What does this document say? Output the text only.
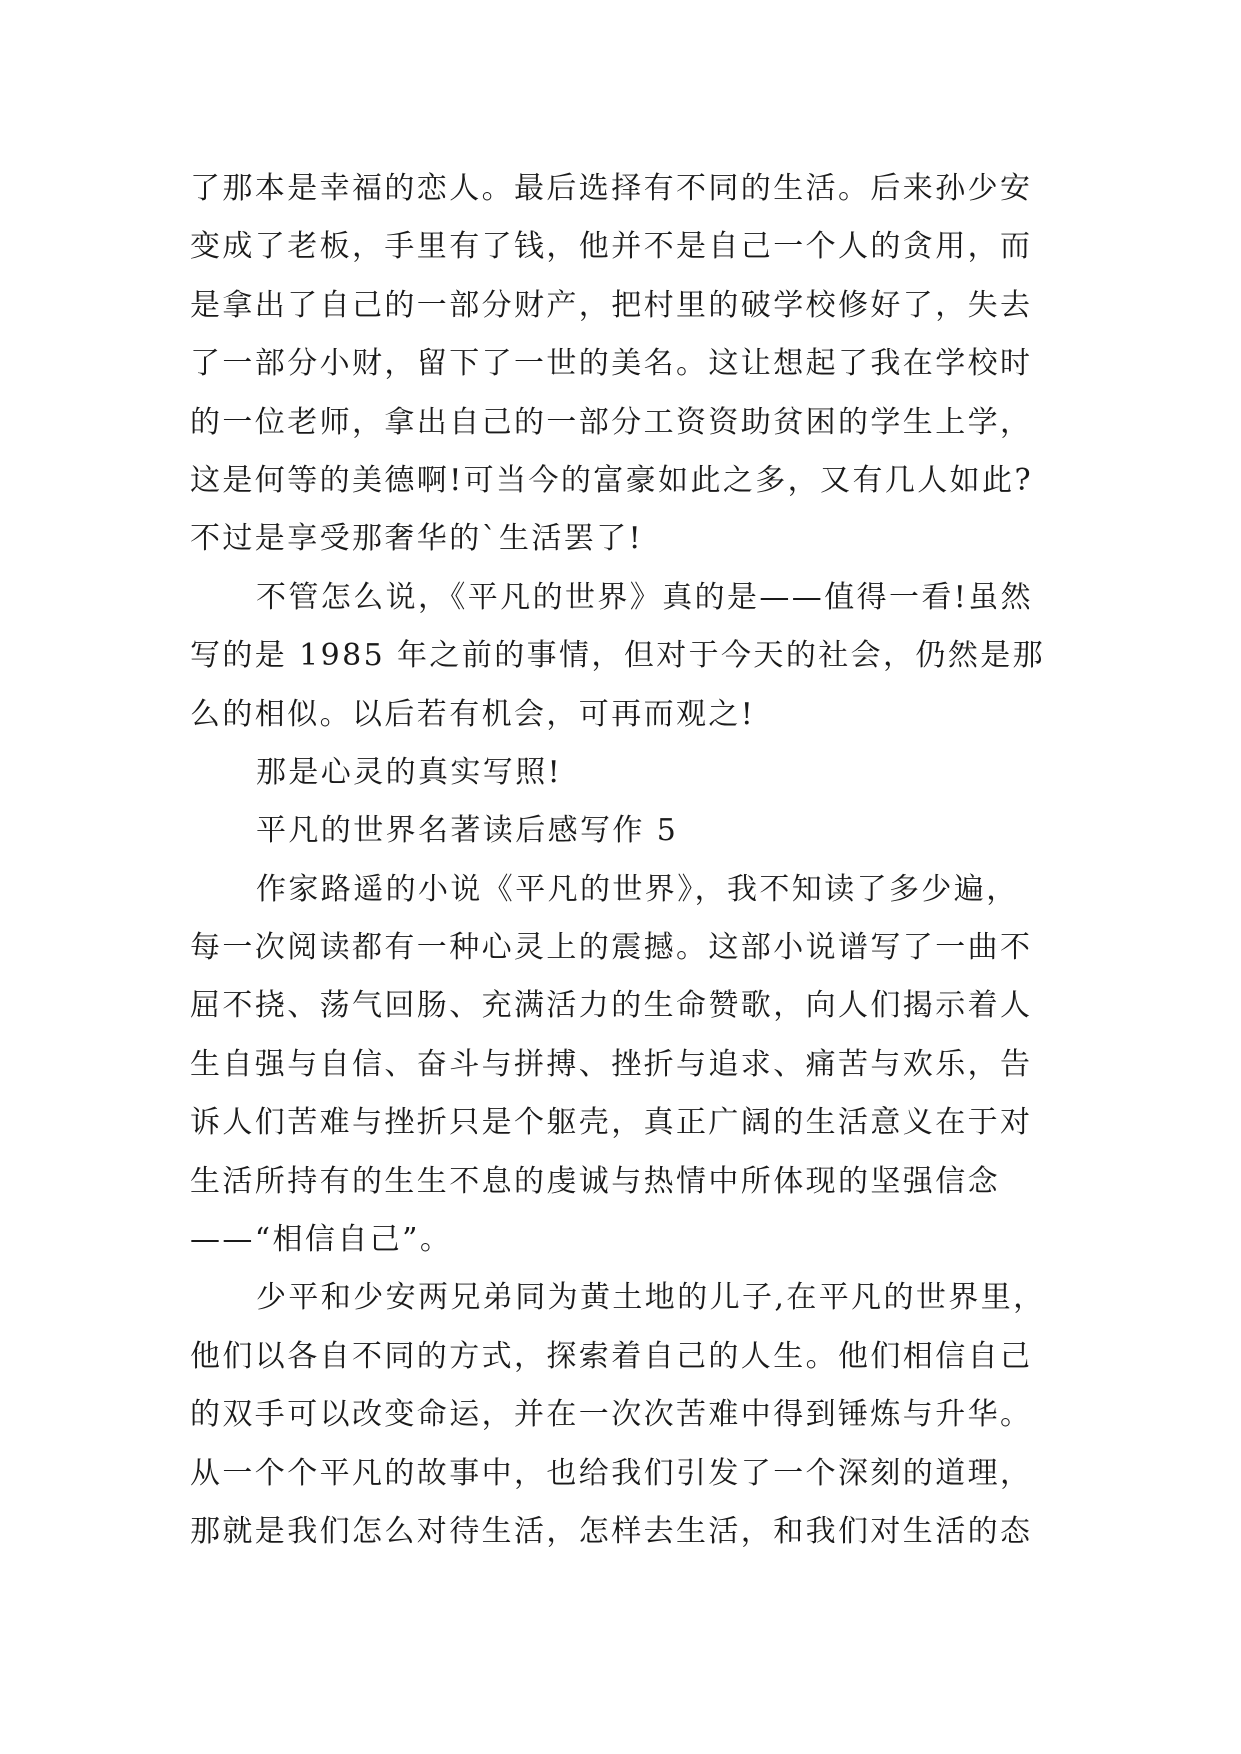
了那本是幸福的恋人。最后选择有不同的生活。后来孙少安
变成了老板，手里有了钱，他并不是自己一个人的贪用，而
是拿出了自己的一部分财产，把村里的破学校修好了，失去
了一部分小财，留下了一世的美名。这让想起了我在学校时
的一位老师，拿出自己的一部分工资资助贫困的学生上学，
这是何等的美德啊!可当今的富豪如此之多，又有几人如此?
不过是享受那奢华的`生活罢了!
不管怎么说，《平凡的世界》真的是——值得一看!虽然
写的是 1985 年之前的事情，但对于今天的社会，仍然是那
么的相似。以后若有机会，可再而观之!
那是心灵的真实写照!
平凡的世界名著读后感写作 5
作家路遥的小说《平凡的世界》，我不知读了多少遍，
每一次阅读都有一种心灵上的震撼。这部小说谱写了一曲不
屈不挠、荡气回肠、充满活力的生命赞歌，向人们揭示着人
生自强与自信、奋斗与拼搏、挫折与追求、痛苦与欢乐，告
诉人们苦难与挫折只是个躯壳，真正广阔的生活意义在于对
生活所持有的生生不息的虔诚与热情中所体现的坚强信念
——“相信自己”。
少平和少安两兄弟同为黄土地的儿子,在平凡的世界里，
他们以各自不同的方式，探索着自己的人生。他们相信自己
的双手可以改变命运，并在一次次苦难中得到锤炼与升华。
从一个个平凡的故事中，也给我们引发了一个深刻的道理，
那就是我们怎么对待生活，怎样去生活，和我们对生活的态
